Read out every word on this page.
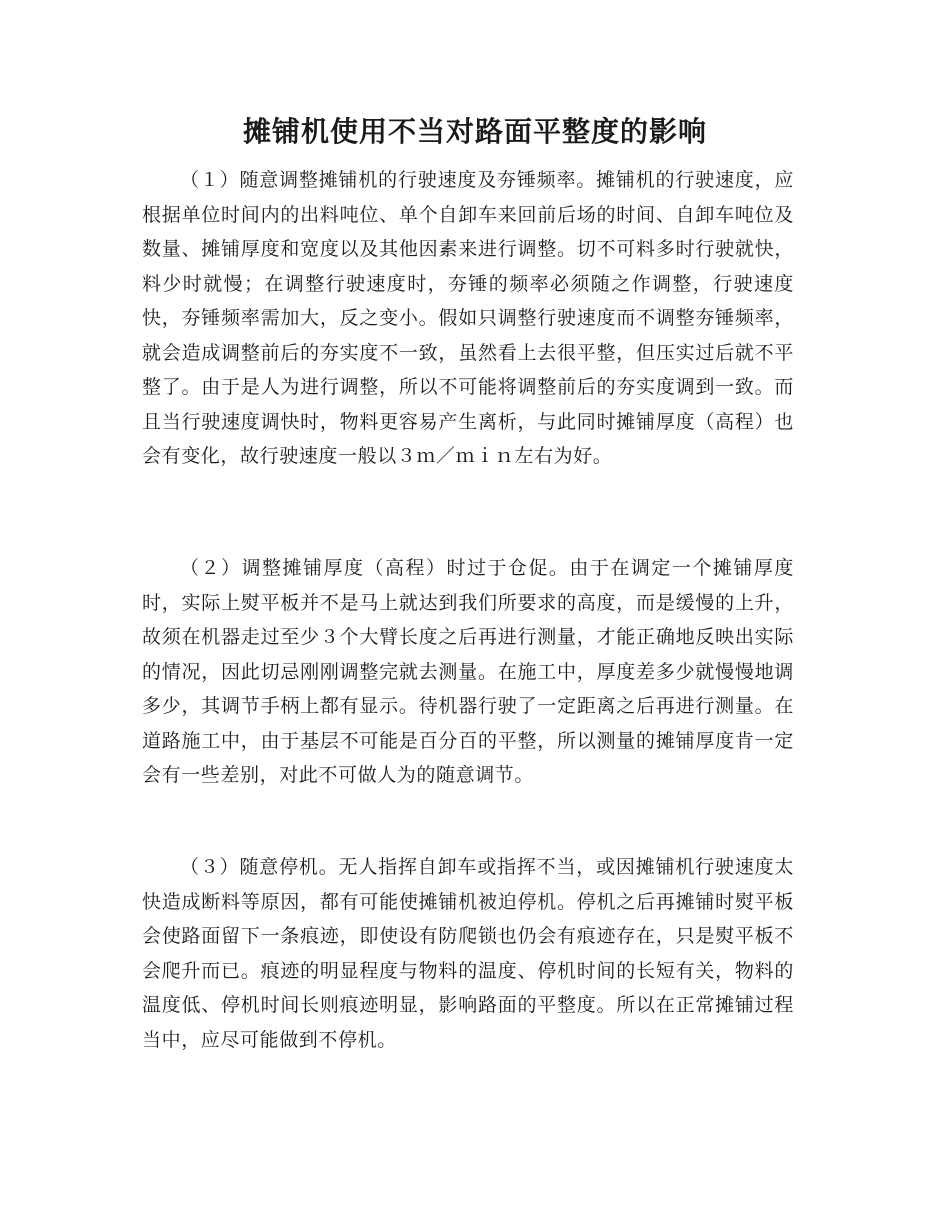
摊铺机使用不当对路面平整度的影响

（１）随意调整摊铺机的行驶速度及夯锤频率。摊铺机的行驶速度，应根据单位时间内的出料吨位、单个自卸车来回前后场的时间、自卸车吨位及数量、摊铺厚度和宽度以及其他因素来进行调整。切不可料多时行驶就快，料少时就慢；在调整行驶速度时，夯锤的频率必须随之作调整，行驶速度快，夯锤频率需加大，反之变小。假如只调整行驶速度而不调整夯锤频率，就会造成调整前后的夯实度不一致，虽然看上去很平整，但压实过后就不平整了。由于是人为进行调整，所以不可能将调整前后的夯实度调到一致。而且当行驶速度调快时，物料更容易产生离析，与此同时摊铺厚度（高程）也会有变化，故行驶速度一般以３ｍ／ｍｉｎ左右为好。

（２）调整摊铺厚度（高程）时过于仓促。由于在调定一个摊铺厚度时，实际上熨平板并不是马上就达到我们所要求的高度，而是缓慢的上升，故须在机器走过至少３个大臂长度之后再进行测量，才能正确地反映出实际的情况，因此切忌刚刚调整完就去测量。在施工中，厚度差多少就慢慢地调多少，其调节手柄上都有显示。待机器行驶了一定距离之后再进行测量。在道路施工中，由于基层不可能是百分百的平整，所以测量的摊铺厚度肯一定会有一些差别，对此不可做人为的随意调节。

（３）随意停机。无人指挥自卸车或指挥不当，或因摊铺机行驶速度太快造成断料等原因，都有可能使摊铺机被迫停机。停机之后再摊铺时熨平板会使路面留下一条痕迹，即使设有防爬锁也仍会有痕迹存在，只是熨平板不会爬升而已。痕迹的明显程度与物料的温度、停机时间的长短有关，物料的温度低、停机时间长则痕迹明显，影响路面的平整度。所以在正常摊铺过程当中，应尽可能做到不停机。
